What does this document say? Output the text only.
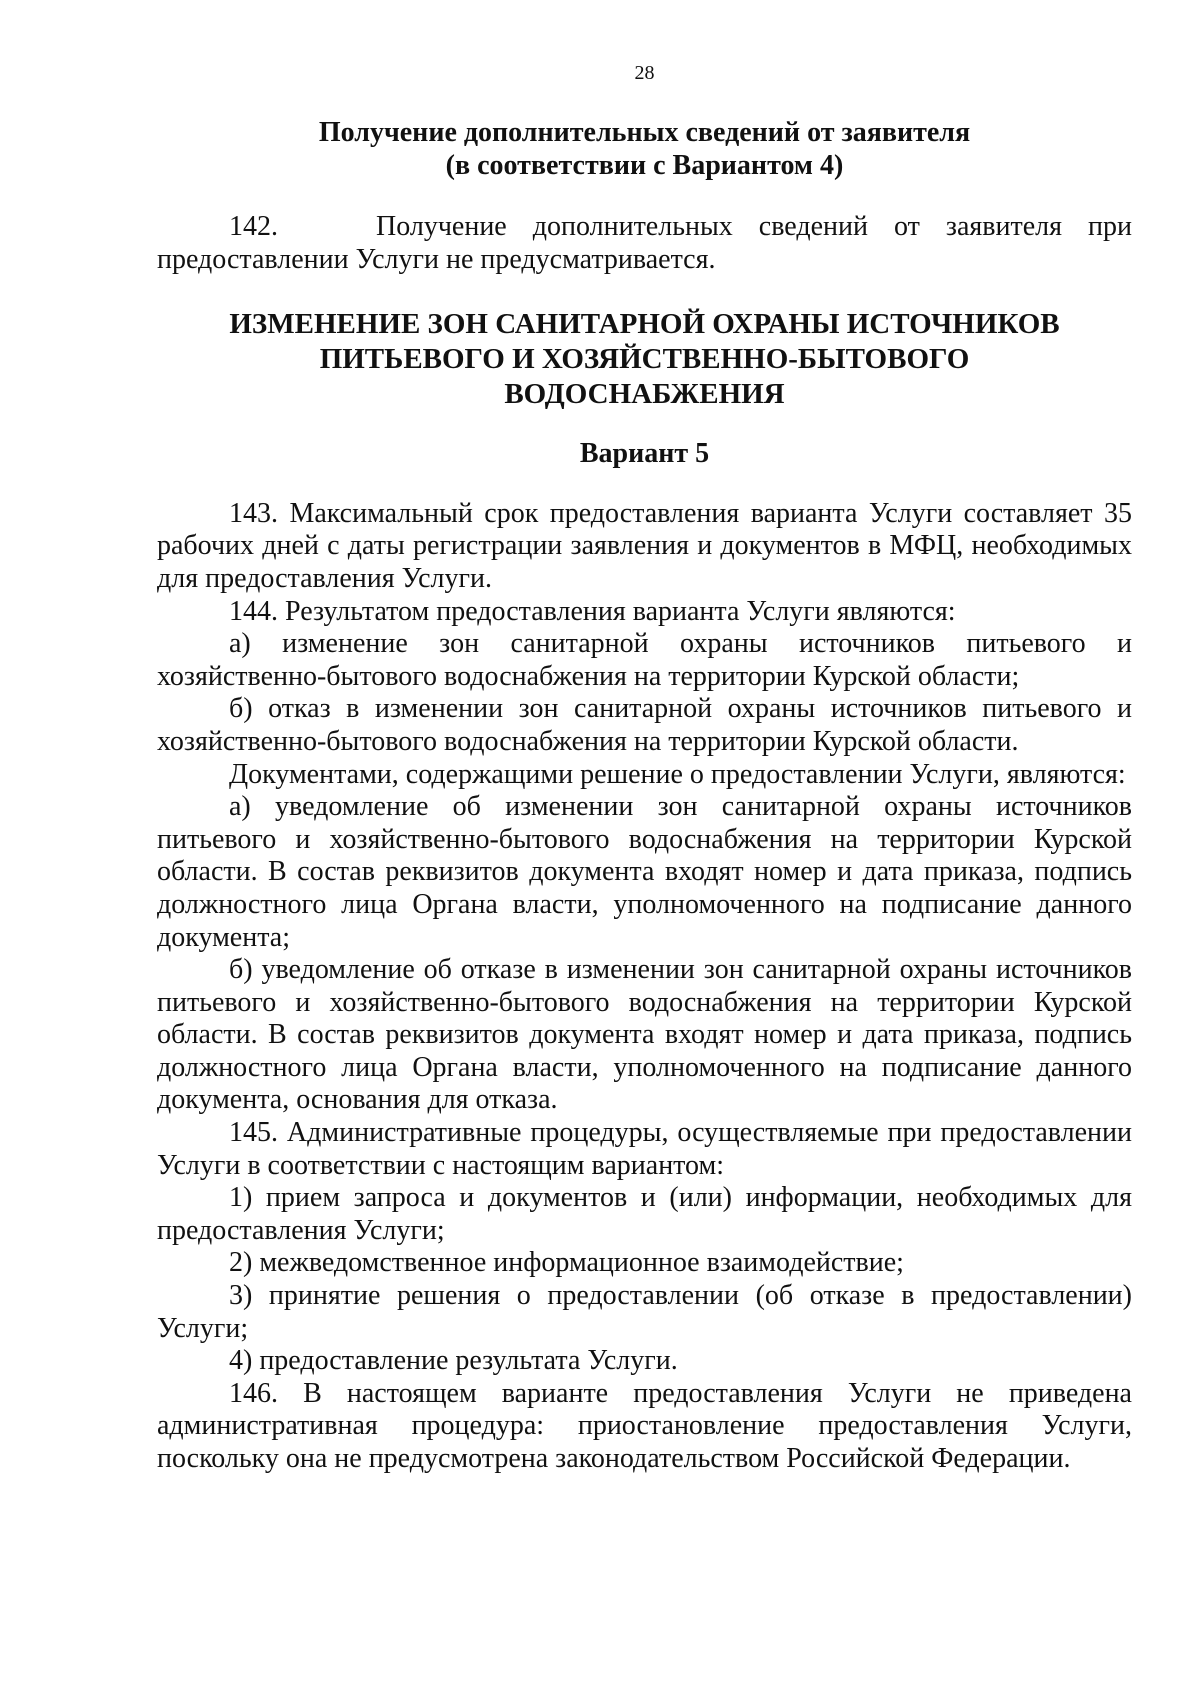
28
Получение дополнительных сведений от заявителя
(в соответствии с Вариантом 4)

142.    Получение дополнительных сведений от заявителя при предоставлении Услуги не предусматривается.

ИЗМЕНЕНИЕ ЗОН САНИТАРНОЙ ОХРАНЫ ИСТОЧНИКОВ
ПИТЬЕВОГО И ХОЗЯЙСТВЕННО-БЫТОВОГО
ВОДОСНАБЖЕНИЯ
Вариант 5

143. Максимальный срок предоставления варианта Услуги составляет 35 рабочих дней с даты регистрации заявления и документов в МФЦ, необходимых для предоставления Услуги.

144. Результатом предоставления варианта Услуги являются:

а) изменение зон санитарной охраны источников питьевого и хозяйственно-бытового водоснабжения на территории Курской области;

б) отказ в изменении зон санитарной охраны источников питьевого и хозяйственно-бытового водоснабжения на территории Курской области.

Документами, содержащими решение о предоставлении Услуги, являются:

а) уведомление об изменении зон санитарной охраны источников питьевого и хозяйственно-бытового водоснабжения на территории Курской области. В состав реквизитов документа входят номер и дата приказа, подпись должностного лица Органа власти, уполномоченного на подписание данного документа;

б) уведомление об отказе в изменении зон санитарной охраны источников питьевого и хозяйственно-бытового водоснабжения на территории Курской области. В состав реквизитов документа входят номер и дата приказа, подпись должностного лица Органа власти, уполномоченного на подписание данного документа, основания для отказа.

145. Административные процедуры, осуществляемые при предоставлении Услуги в соответствии с настоящим вариантом:

1) прием запроса и документов и (или) информации, необходимых для предоставления Услуги;

2) межведомственное информационное взаимодействие;

3) принятие решения о предоставлении (об отказе в предоставлении) Услуги;

4) предоставление результата Услуги.

146. В настоящем варианте предоставления Услуги не приведена административная процедура: приостановление предоставления Услуги, поскольку она не предусмотрена законодательством Российской Федерации.
